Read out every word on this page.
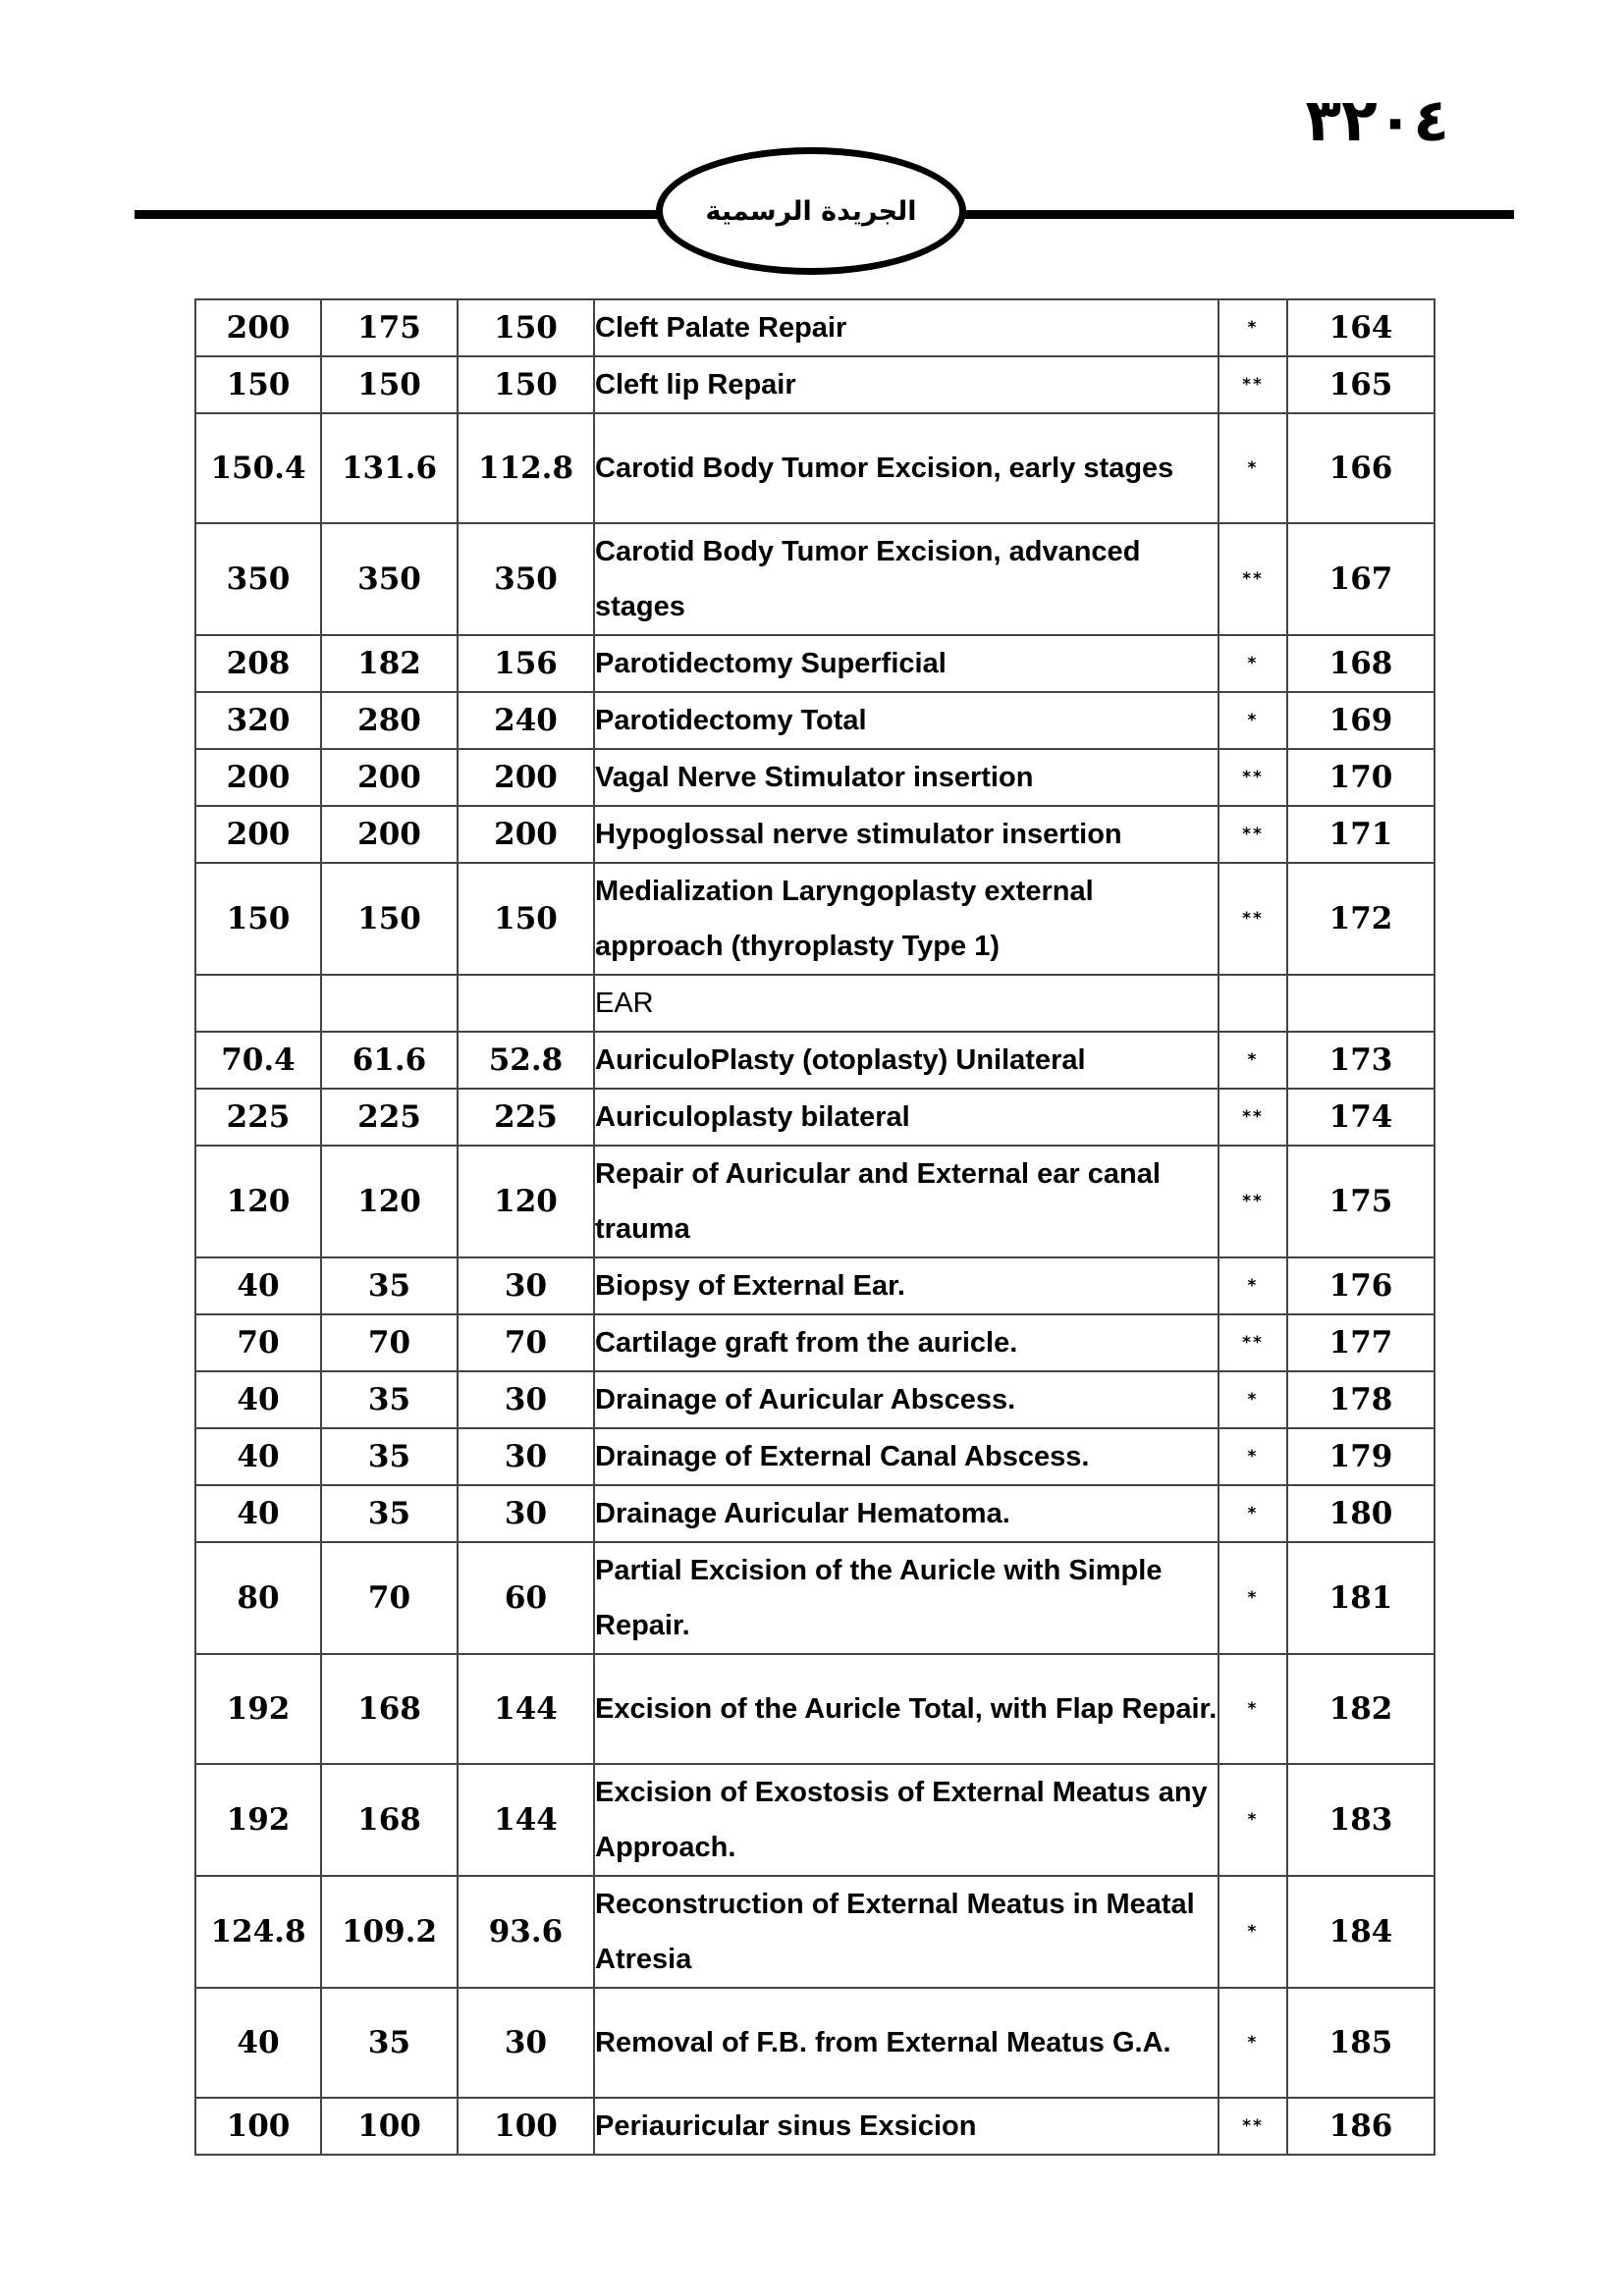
٣٢٠٤
الجريدة الرسمية
200	175	150	Cleft Palate Repair	*	164
150	150	150	Cleft lip Repair	**	165
150.4	131.6	112.8	Carotid Body Tumor Excision, early stages	*	166
350	350	350	Carotid Body Tumor Excision, advanced stages	**	167
208	182	156	Parotidectomy Superficial	*	168
320	280	240	Parotidectomy Total	*	169
200	200	200	Vagal Nerve Stimulator insertion	**	170
200	200	200	Hypoglossal nerve stimulator insertion	**	171
150	150	150	Medialization Laryngoplasty external approach (thyroplasty Type 1)	**	172
			EAR		
70.4	61.6	52.8	AuriculoPlasty (otoplasty) Unilateral	*	173
225	225	225	Auriculoplasty bilateral	**	174
120	120	120	Repair of Auricular and External ear canal trauma	**	175
40	35	30	Biopsy of External Ear.	*	176
70	70	70	Cartilage graft from the auricle.	**	177
40	35	30	Drainage of Auricular Abscess.	*	178
40	35	30	Drainage of External Canal Abscess.	*	179
40	35	30	Drainage Auricular Hematoma.	*	180
80	70	60	Partial Excision of the Auricle with Simple Repair.	*	181
192	168	144	Excision of the Auricle Total, with Flap Repair.	*	182
192	168	144	Excision of Exostosis of External Meatus any Approach.	*	183
124.8	109.2	93.6	Reconstruction of External Meatus in Meatal Atresia	*	184
40	35	30	Removal of F.B. from External Meatus G.A.	*	185
100	100	100	Periauricular sinus Exsicion	**	186
